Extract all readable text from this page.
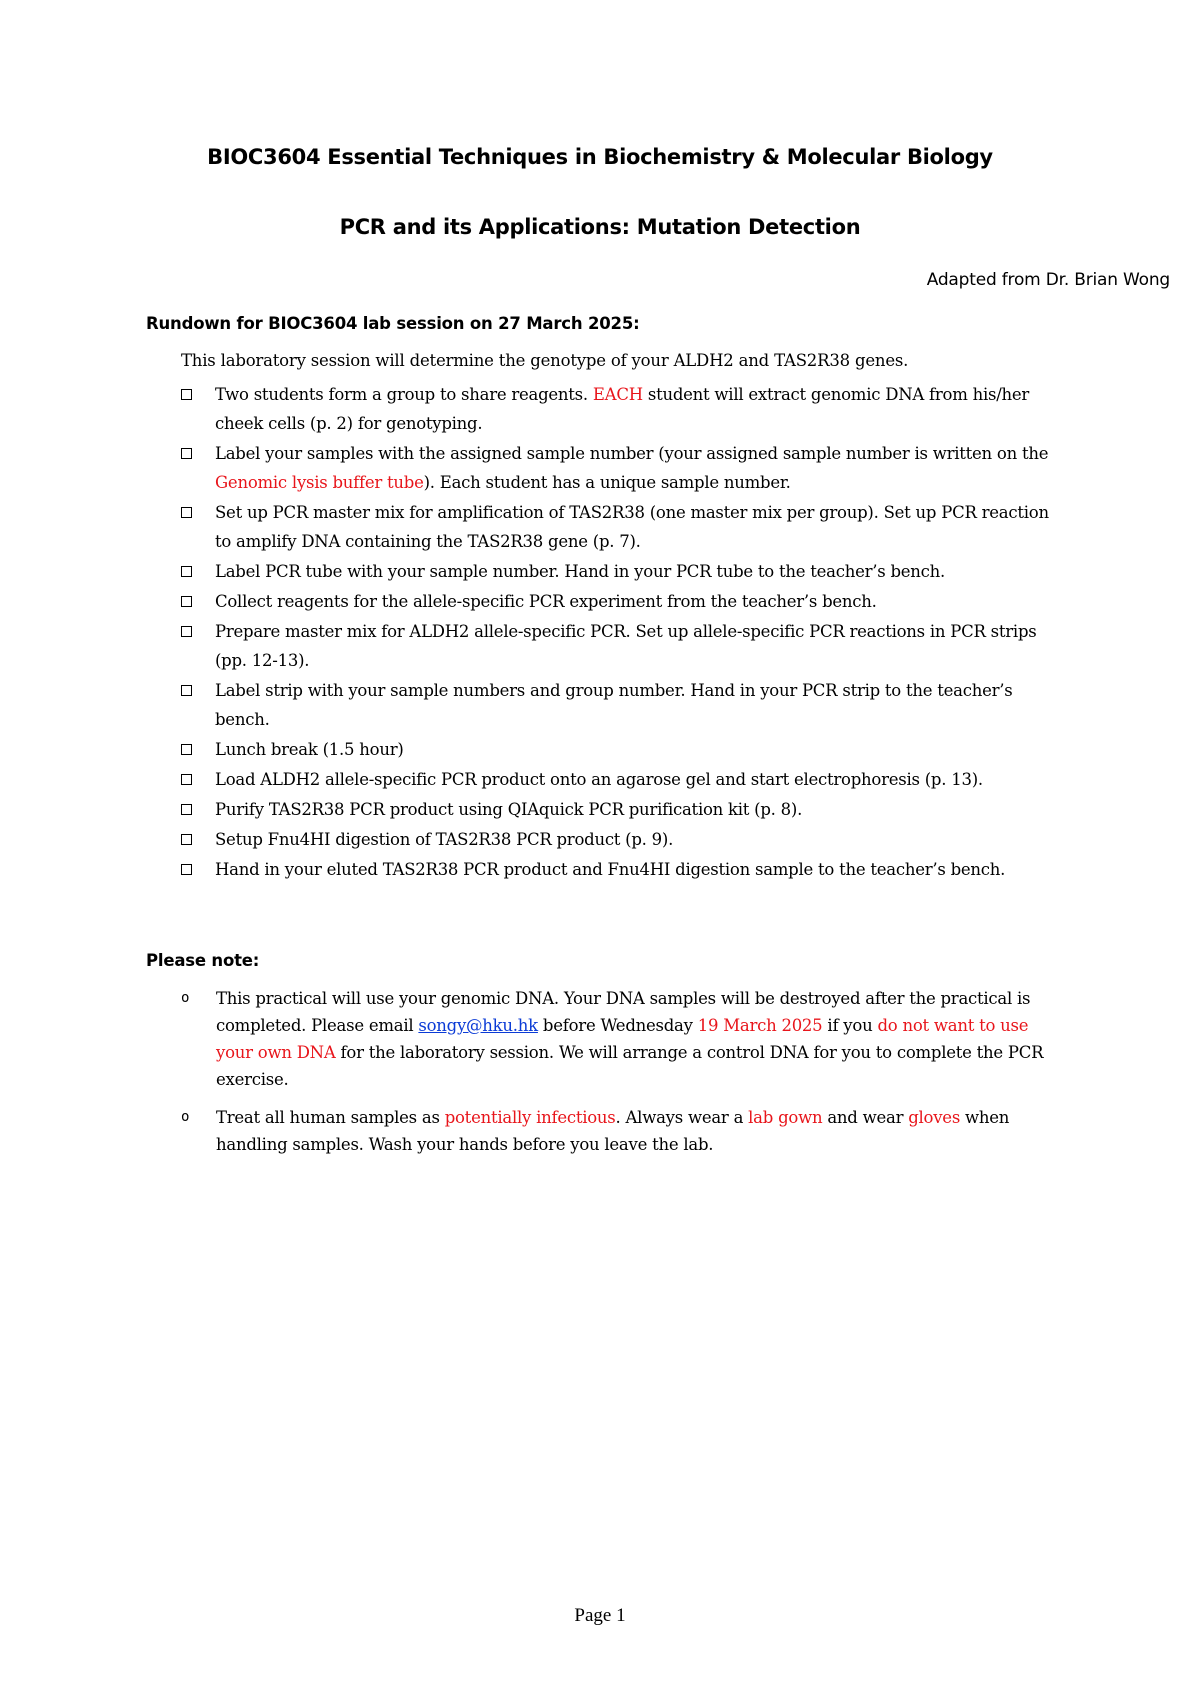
BIOC3604 Essential Techniques in Biochemistry & Molecular Biology
PCR and its Applications: Mutation Detection
Adapted from Dr. Brian Wong
Rundown for BIOC3604 lab session on 27 March 2025:
This laboratory session will determine the genotype of your ALDH2 and TAS2R38 genes.
Two students form a group to share reagents. EACH student will extract genomic DNA from his/her cheek cells (p. 2) for genotyping.
Label your samples with the assigned sample number (your assigned sample number is written on the Genomic lysis buffer tube). Each student has a unique sample number.
Set up PCR master mix for amplification of TAS2R38 (one master mix per group). Set up PCR reaction to amplify DNA containing the TAS2R38 gene (p. 7).
Label PCR tube with your sample number. Hand in your PCR tube to the teacher’s bench.
Collect reagents for the allele-specific PCR experiment from the teacher’s bench.
Prepare master mix for ALDH2 allele-specific PCR. Set up allele-specific PCR reactions in PCR strips (pp. 12-13).
Label strip with your sample numbers and group number. Hand in your PCR strip to the teacher’s bench.
Lunch break (1.5 hour)
Load ALDH2 allele-specific PCR product onto an agarose gel and start electrophoresis (p. 13).
Purify TAS2R38 PCR product using QIAquick PCR purification kit (p. 8).
Setup Fnu4HI digestion of TAS2R38 PCR product (p. 9).
Hand in your eluted TAS2R38 PCR product and Fnu4HI digestion sample to the teacher’s bench.
Please note:
o	This practical will use your genomic DNA. Your DNA samples will be destroyed after the practical is completed. Please email songy@hku.hk before Wednesday 19 March 2025 if you do not want to use your own DNA for the laboratory session. We will arrange a control DNA for you to complete the PCR exercise.
o	Treat all human samples as potentially infectious. Always wear a lab gown and wear gloves when handling samples. Wash your hands before you leave the lab.
Page 1
